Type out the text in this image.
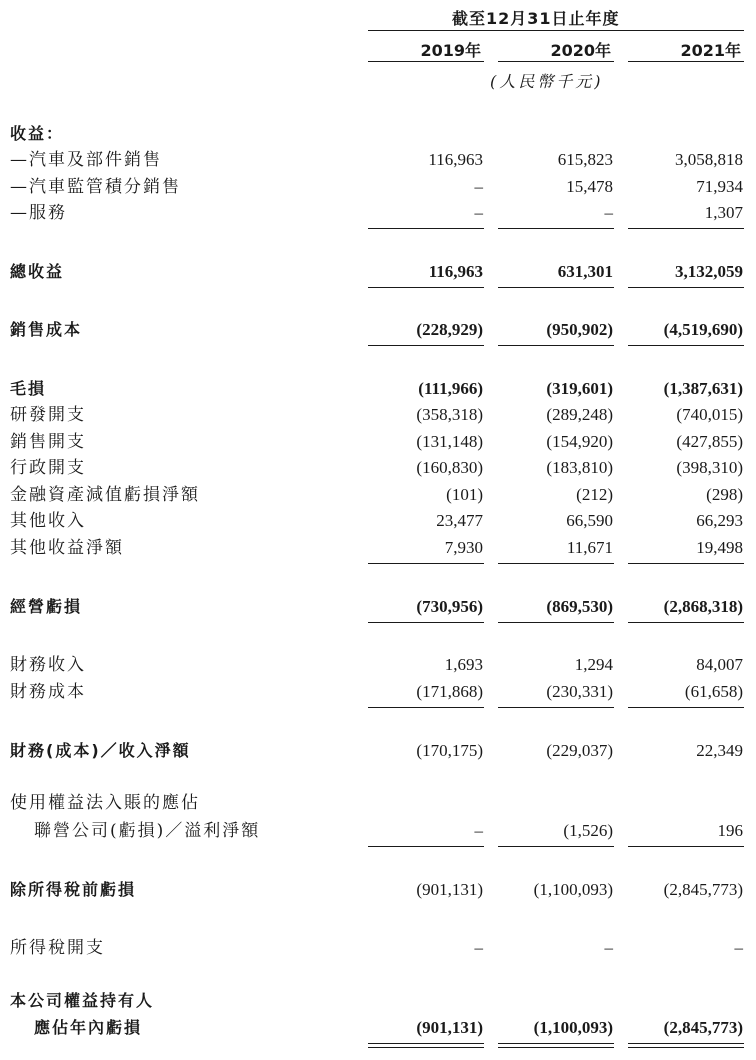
截至12月31日止年度
2019年	2020年	2021年
(人民幣千元)
收益：
—汽車及部件銷售	116,963	615,823	3,058,818
—汽車監管積分銷售	–	15,478	71,934
—服務	–	–	1,307
總收益	116,963	631,301	3,132,059
銷售成本	(228,929)	(950,902)	(4,519,690)
毛損	(111,966)	(319,601)	(1,387,631)
研發開支	(358,318)	(289,248)	(740,015)
銷售開支	(131,148)	(154,920)	(427,855)
行政開支	(160,830)	(183,810)	(398,310)
金融資產減值虧損淨額	(101)	(212)	(298)
其他收入	23,477	66,590	66,293
其他收益淨額	7,930	11,671	19,498
經營虧損	(730,956)	(869,530)	(2,868,318)
財務收入	1,693	1,294	84,007
財務成本	(171,868)	(230,331)	(61,658)
財務(成本)／收入淨額	(170,175)	(229,037)	22,349
使用權益法入賬的應佔
聯營公司(虧損)／溢利淨額	–	(1,526)	196
除所得稅前虧損	(901,131)	(1,100,093)	(2,845,773)
所得稅開支	–	–	–
本公司權益持有人
應佔年內虧損	(901,131)	(1,100,093)	(2,845,773)
